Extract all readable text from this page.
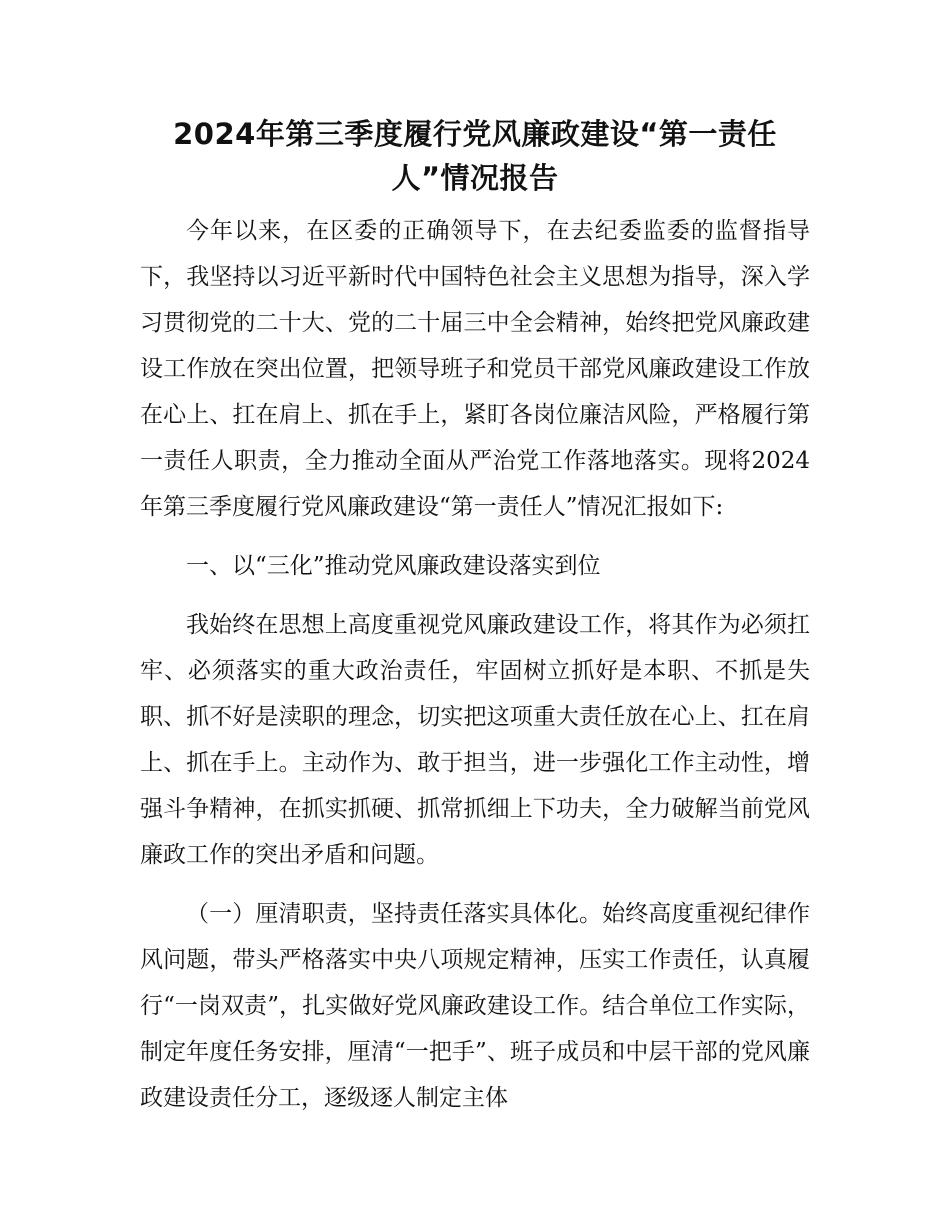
2024年第三季度履行党风廉政建设“第一责任人”情况报告

今年以来，在区委的正确领导下，在去纪委监委的监督指导下，我坚持以习近平新时代中国特色社会主义思想为指导，深入学习贯彻党的二十大、党的二十届三中全会精神，始终把党风廉政建设工作放在突出位置，把领导班子和党员干部党风廉政建设工作放在心上、扛在肩上、抓在手上，紧盯各岗位廉洁风险，严格履行第一责任人职责，全力推动全面从严治党工作落地落实。现将2024年第三季度履行党风廉政建设“第一责任人”情况汇报如下:

一、以“三化”推动党风廉政建设落实到位

我始终在思想上高度重视党风廉政建设工作，将其作为必须扛牢、必须落实的重大政治责任，牢固树立抓好是本职、不抓是失职、抓不好是渎职的理念，切实把这项重大责任放在心上、扛在肩上、抓在手上。主动作为、敢于担当，进一步强化工作主动性，增强斗争精神，在抓实抓硬、抓常抓细上下功夫，全力破解当前党风廉政工作的突出矛盾和问题。

（一）厘清职责，坚持责任落实具体化。始终高度重视纪律作风问题，带头严格落实中央八项规定精神，压实工作责任，认真履行“一岗双责”，扎实做好党风廉政建设工作。结合单位工作实际，制定年度任务安排，厘清“一把手”、班子成员和中层干部的党风廉政建设责任分工，逐级逐人制定主体
